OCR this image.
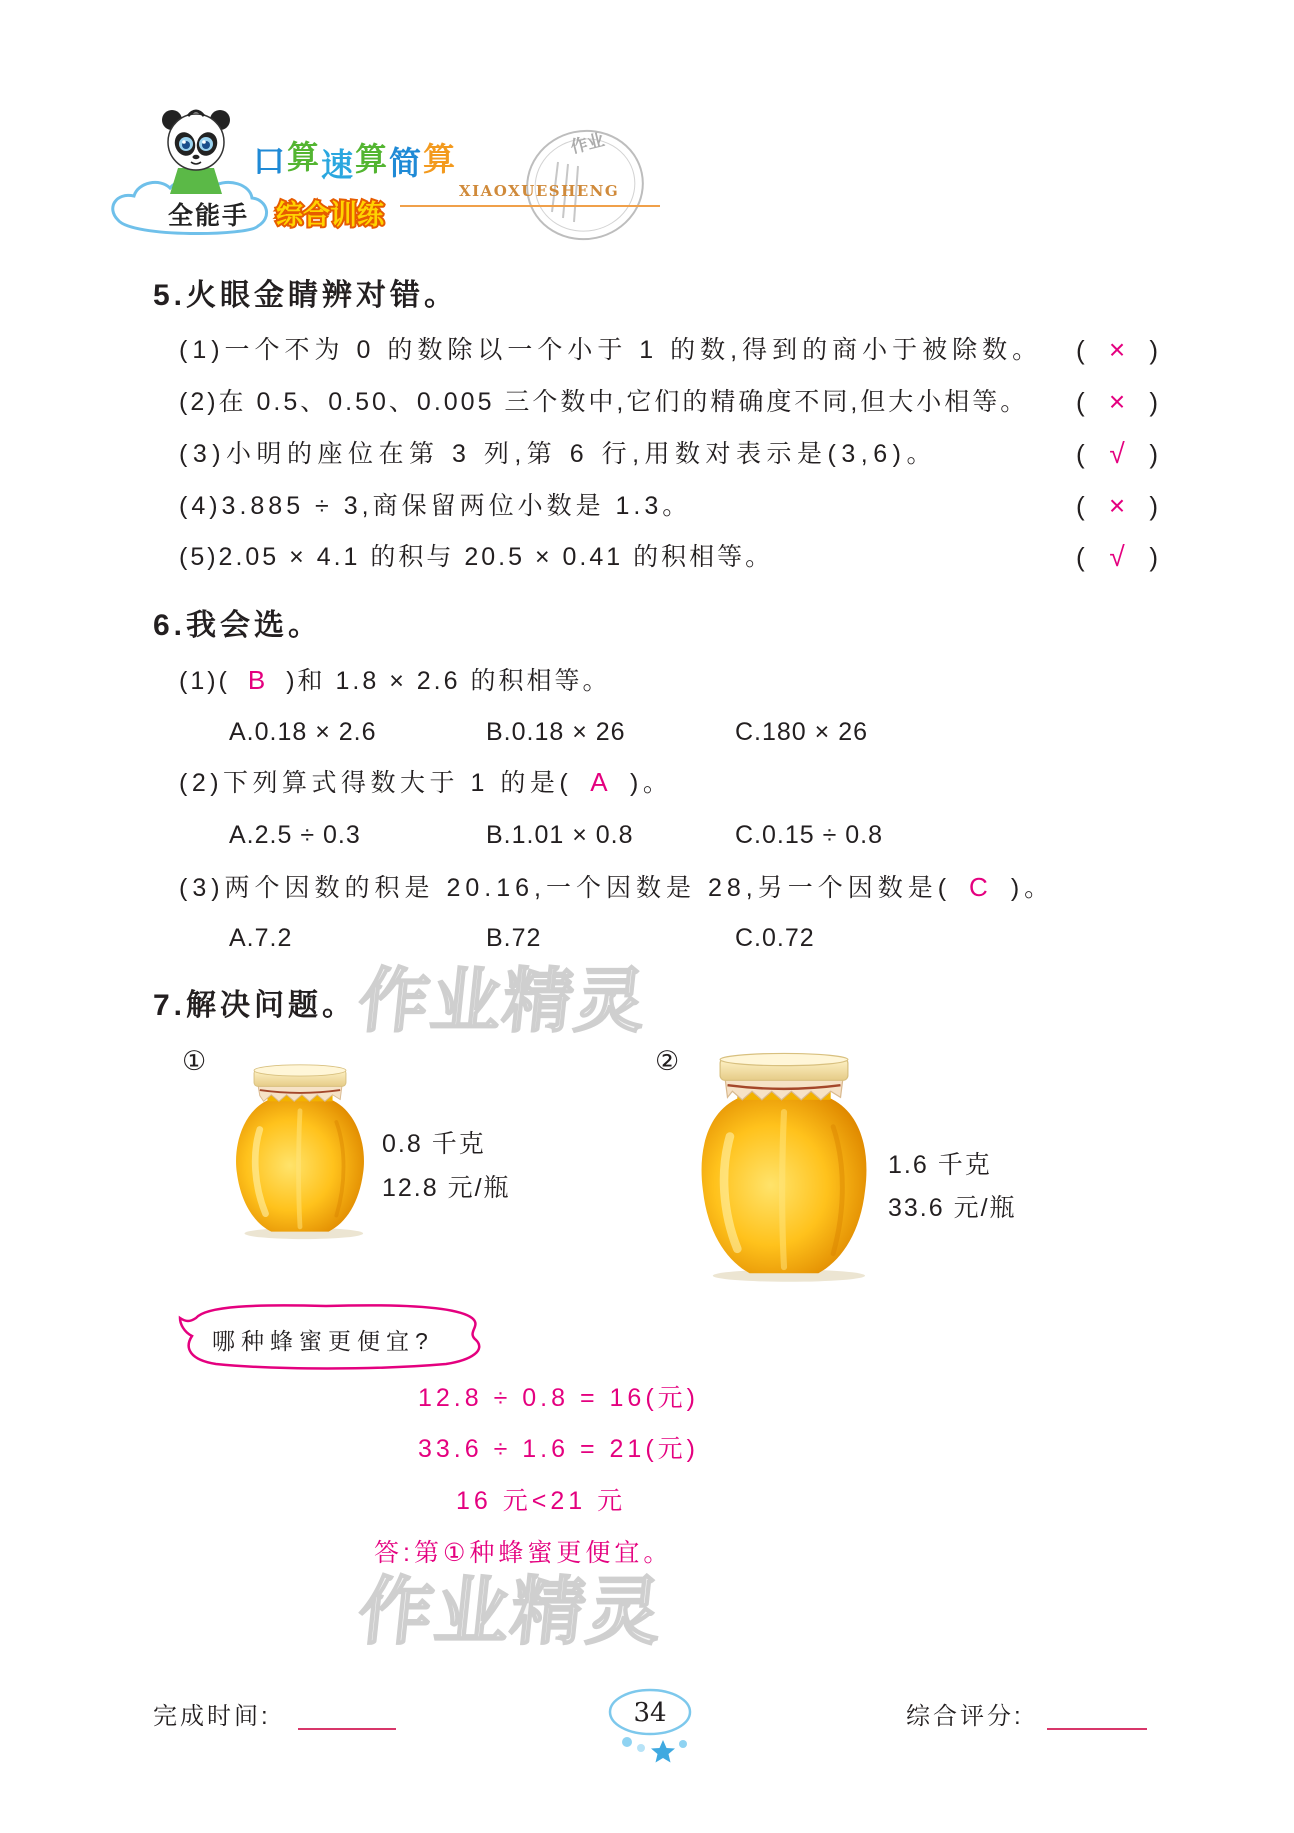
口 算 速 算 简 算
全能手 综合训练
作业
XIAOXUESHENG
作业精灵
作业精灵
5.火眼金睛辨对错。
(1)一个不为 0 的数除以一个小于 1 的数,得到的商小于被除数。 ( × )
(2)在 0.5、0.50、0.005 三个数中,它们的精确度不同,但大小相等。 ( × )
(3)小明的座位在第 3 列,第 6 行,用数对表示是(3,6)。	( √ )
(4)3.885 ÷ 3,商保留两位小数是 1.3。	( × )
(5)2.05 × 4.1 的积与 20.5 × 0.41 的积相等。	( √ )
6.我会选。
(1)( B )和 1.8 × 2.6 的积相等。
A.0.18 × 2.6	B.0.18 × 26	C.180 × 26
(2)下列算式得数大于 1 的是( A )。
A.2.5 ÷ 0.3	B.1.01 × 0.8	C.0.15 ÷ 0.8
(3)两个因数的积是 20.16,一个因数是 28,另一个因数是( C )。
A.7.2	B.72	C.0.72
7.解决问题。
①	②
0.8 千克
12.8 元/瓶
1.6 千克
33.6 元/瓶
哪种蜂蜜更便宜?
12.8 ÷ 0.8 = 16(元)
33.6 ÷ 1.6 = 21(元)
16 元<21 元
答:第①种蜂蜜更便宜。
完成时间:	34	综合评分:
